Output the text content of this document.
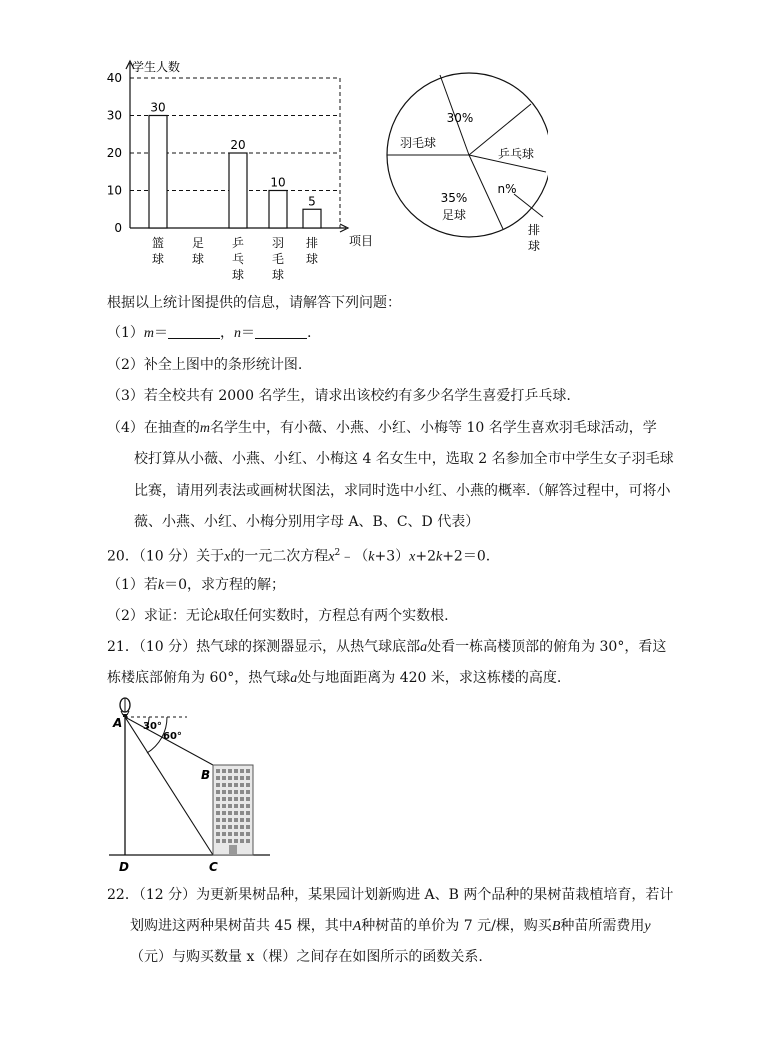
0
10
20
30
40
学生人数
项目
30
篮
球
足
球
20
乒
乓
球
10
羽
毛
球
5
排
球
30%
乒乓球
n%
35%
足球
羽毛球
排
球
根据以上统计图提供的信息，请解答下列问题：
（1）m＝	，n＝	.
（2）补全上图中的条形统计图.
（3）若全校共有 2000 名学生，请求出该校约有多少名学生喜爱打乒乓球.
（4）在抽查的m名学生中，有小薇、小燕、小红、小梅等 10 名学生喜欢羽毛球活动，学
校打算从小薇、小燕、小红、小梅这 4 名女生中，选取 2 名参加全市中学生女子羽毛球
比赛，请用列表法或画树状图法，求同时选中小红、小燕的概率.（解答过程中，可将小
薇、小燕、小红、小梅分别用字母 A、B、C、D 代表）
20．（10 分）关于x的一元二次方程$x^2﹣(k+3)x+2k+2=0$.
（1）若k＝0，求方程的解；
（2）求证：无论k取任何实数时，方程总有两个实数根.
21．（10 分）热气球的探测器显示，从热气球底部a处看一栋高楼顶部的俯角为 30°，看这
栋楼底部俯角为 60°，热气球a处与地面距离为 420 米，求这栋楼的高度.
A
B
C
D
30°
60°
22．（12 分）为更新果树品种，某果园计划新购进 A、B 两个品种的果树苗栽植培育，若计
划购进这两种果树苗共 45 棵，其中A种树苗的单价为 7 元/棵，购买B种苗所需费用y
（元）与购买数量 x（棵）之间存在如图所示的函数关系.
